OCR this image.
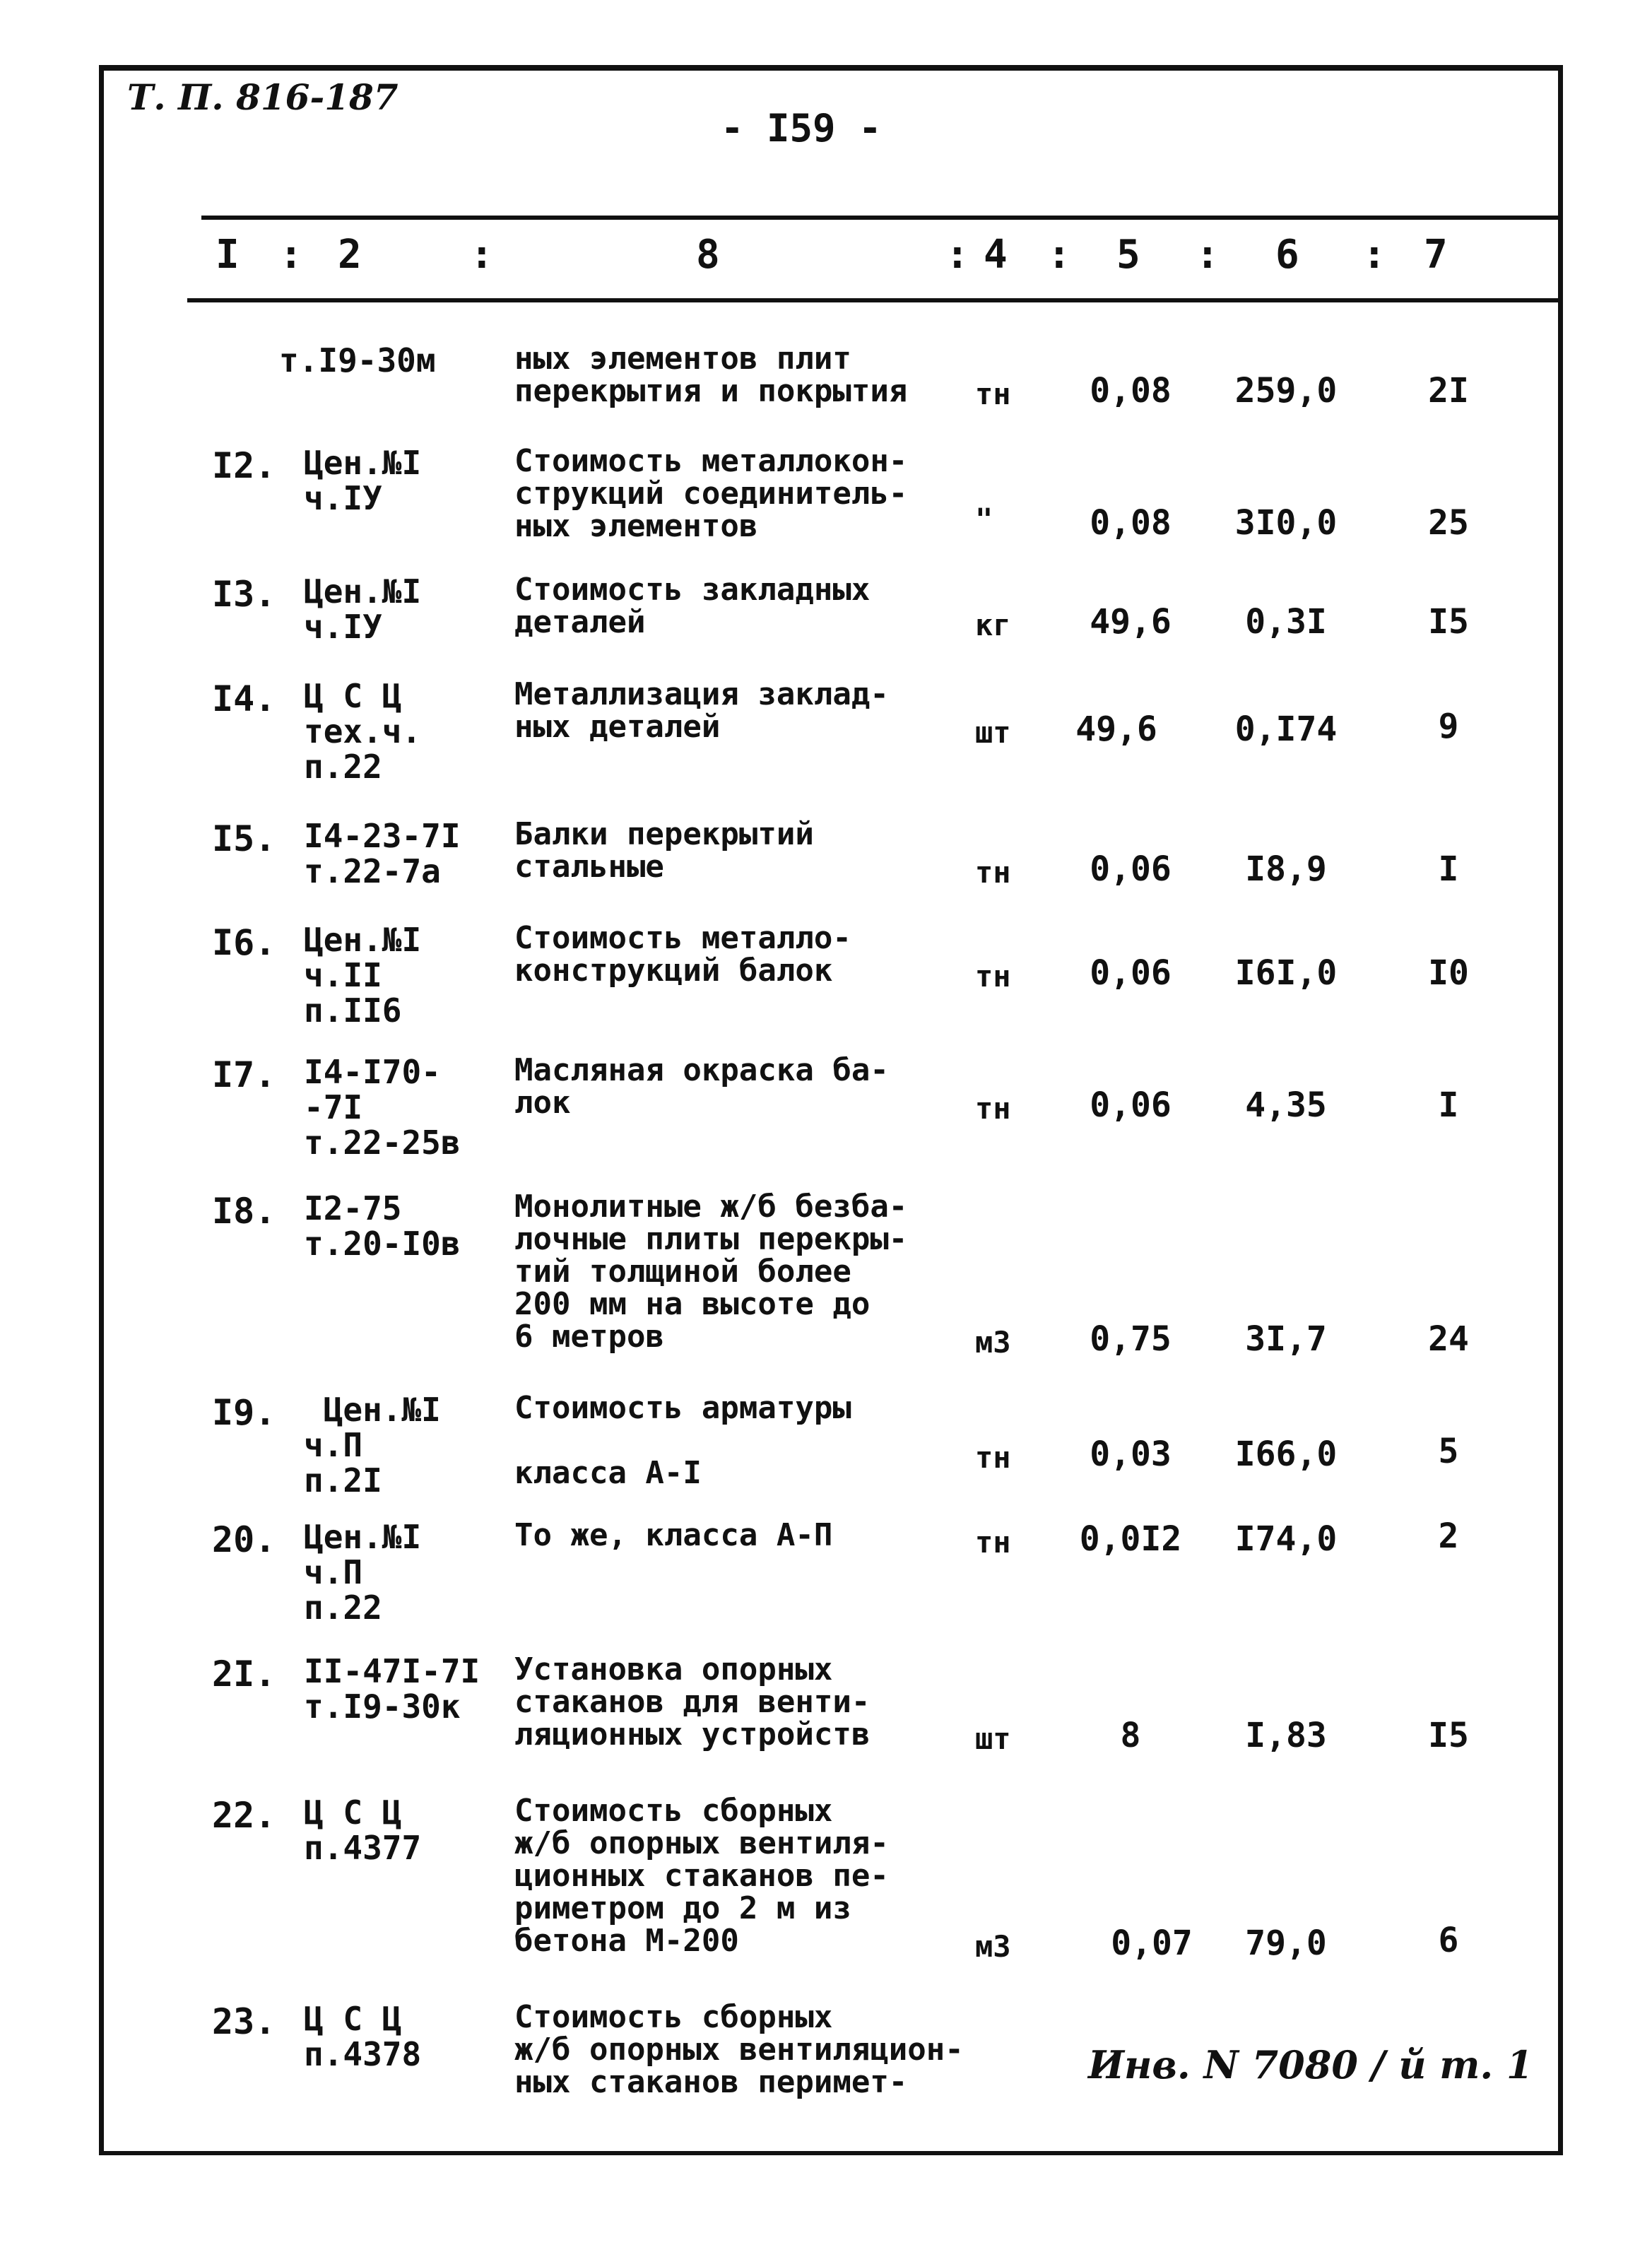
Т. П. 816-187
- I59 -
I : 2	:	8	: 4 : 5 : 6 : 7
т.I9-30м	ных элементов плит
перекрытия и покрытия тн	0,08	259,0	2I
I2. Цен.№I
ч.IУ
Стоимость металлокон-
струкций соединитель-
ных элементов	"	0,08	3I0,0	25
I3. Цен.№I
ч.IУ
Стоимость закладных
деталей	кг	49,6	0,3I	I5
I4. Ц С Ц
тех.ч.
п.22
Металлизация заклад-
ных деталей	шт	49,6	0,I74	9
I5. I4-23-7I
т.22-7а
Балки перекрытий
стальные	тн	0,06	I8,9	I
I6. Цен.№I
ч.II
п.II6
Стоимость металло-
конструкций балок	тн	0,06	I6I,0	I0
I7. I4-I70-
-7I
т.22-25в
Масляная окраска ба-
лок	тн	0,06	4,35	I
I8. I2-75
т.20-I0в
Монолитные ж/б безба-
лочные плиты перекры-
тий толщиной более
200 мм на высоте до
6 метров	м3	0,75	3I,7	24
I9.	Цен.№I
ч.П
п.2I
Стоимость арматуры

класса А-I	тн	0,03	I66,0	5
20. Цен.№I
ч.П
п.22
То же, класса А-П	тн 0,0I2	I74,0	2
2I. II-47I-7I
т.I9-30к
Установка опорных
стаканов для венти-
ляционных устройств	шт	8	I,83	I5
22. Ц С Ц
п.4377
Стоимость сборных
ж/б опорных вентиля-
ционных стаканов пе-
риметром до 2 м из
бетона М-200	м3	0,07	79,0	6
23. Ц С Ц
п.4378
Стоимость сборных
ж/б опорных вентиляцион-
ных стаканов перимет-	Инв. N 7080 / й т. 1
